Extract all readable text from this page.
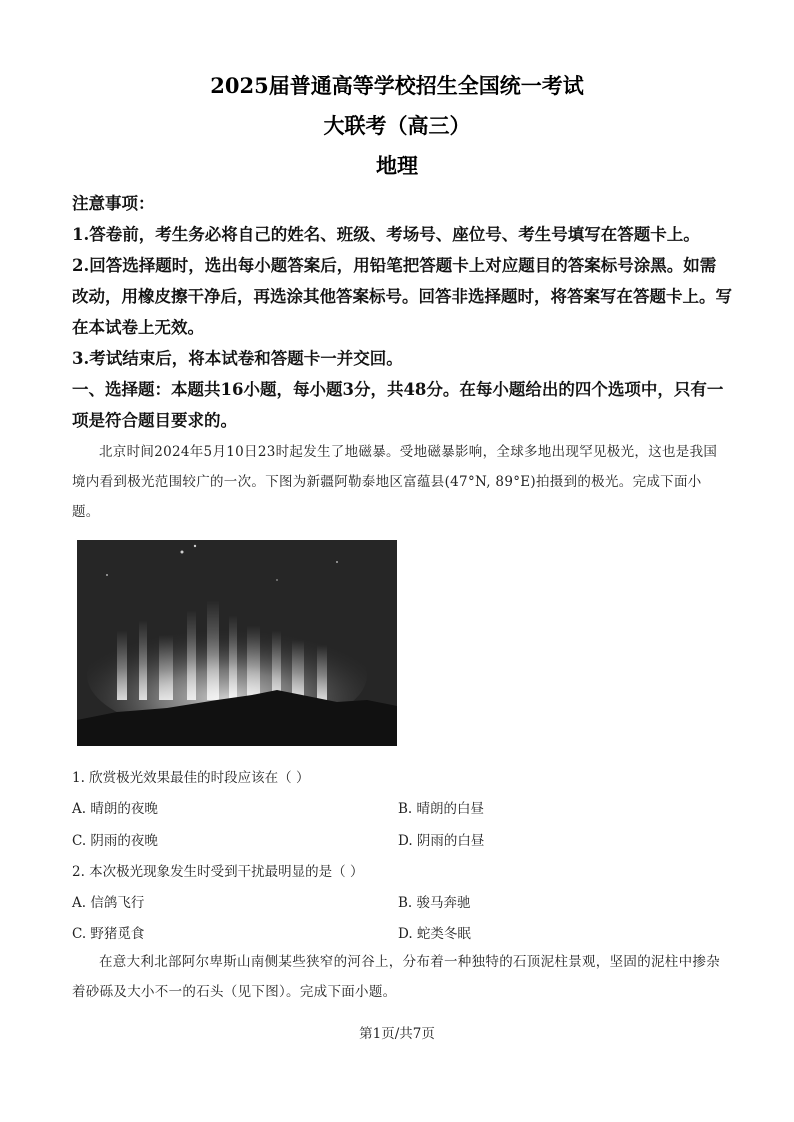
2025届普通高等学校招生全国统一考试
大联考（高三）
地理
注意事项：
1.答卷前，考生务必将自己的姓名、班级、考场号、座位号、考生号填写在答题卡上。
2.回答选择题时，选出每小题答案后，用铅笔把答题卡上对应题目的答案标号涂黑。如需改动，用橡皮擦干净后，再选涂其他答案标号。回答非选择题时，将答案写在答题卡上。写在本试卷上无效。
3.考试结束后，将本试卷和答题卡一并交回。
一、选择题：本题共16小题，每小题3分，共48分。在每小题给出的四个选项中，只有一项是符合题目要求的。
北京时间2024年5月10日23时起发生了地磁暴。受地磁暴影响，全球多地出现罕见极光，这也是我国境内看到极光范围较广的一次。下图为新疆阿勒泰地区富蕴县(47°N, 89°E)拍摄到的极光。完成下面小题。
1. 欣赏极光效果最佳的时段应该在（ ）
A. 晴朗的夜晚	B. 晴朗的白昼
C. 阴雨的夜晚	D. 阴雨的白昼
2. 本次极光现象发生时受到干扰最明显的是（ ）
A. 信鸽飞行	B. 骏马奔驰
C. 野猪觅食	D. 蛇类冬眠
在意大利北部阿尔卑斯山南侧某些狭窄的河谷上，分布着一种独特的石顶泥柱景观，坚固的泥柱中掺杂着砂砾及大小不一的石头（见下图）。完成下面小题。
第1页/共7页
